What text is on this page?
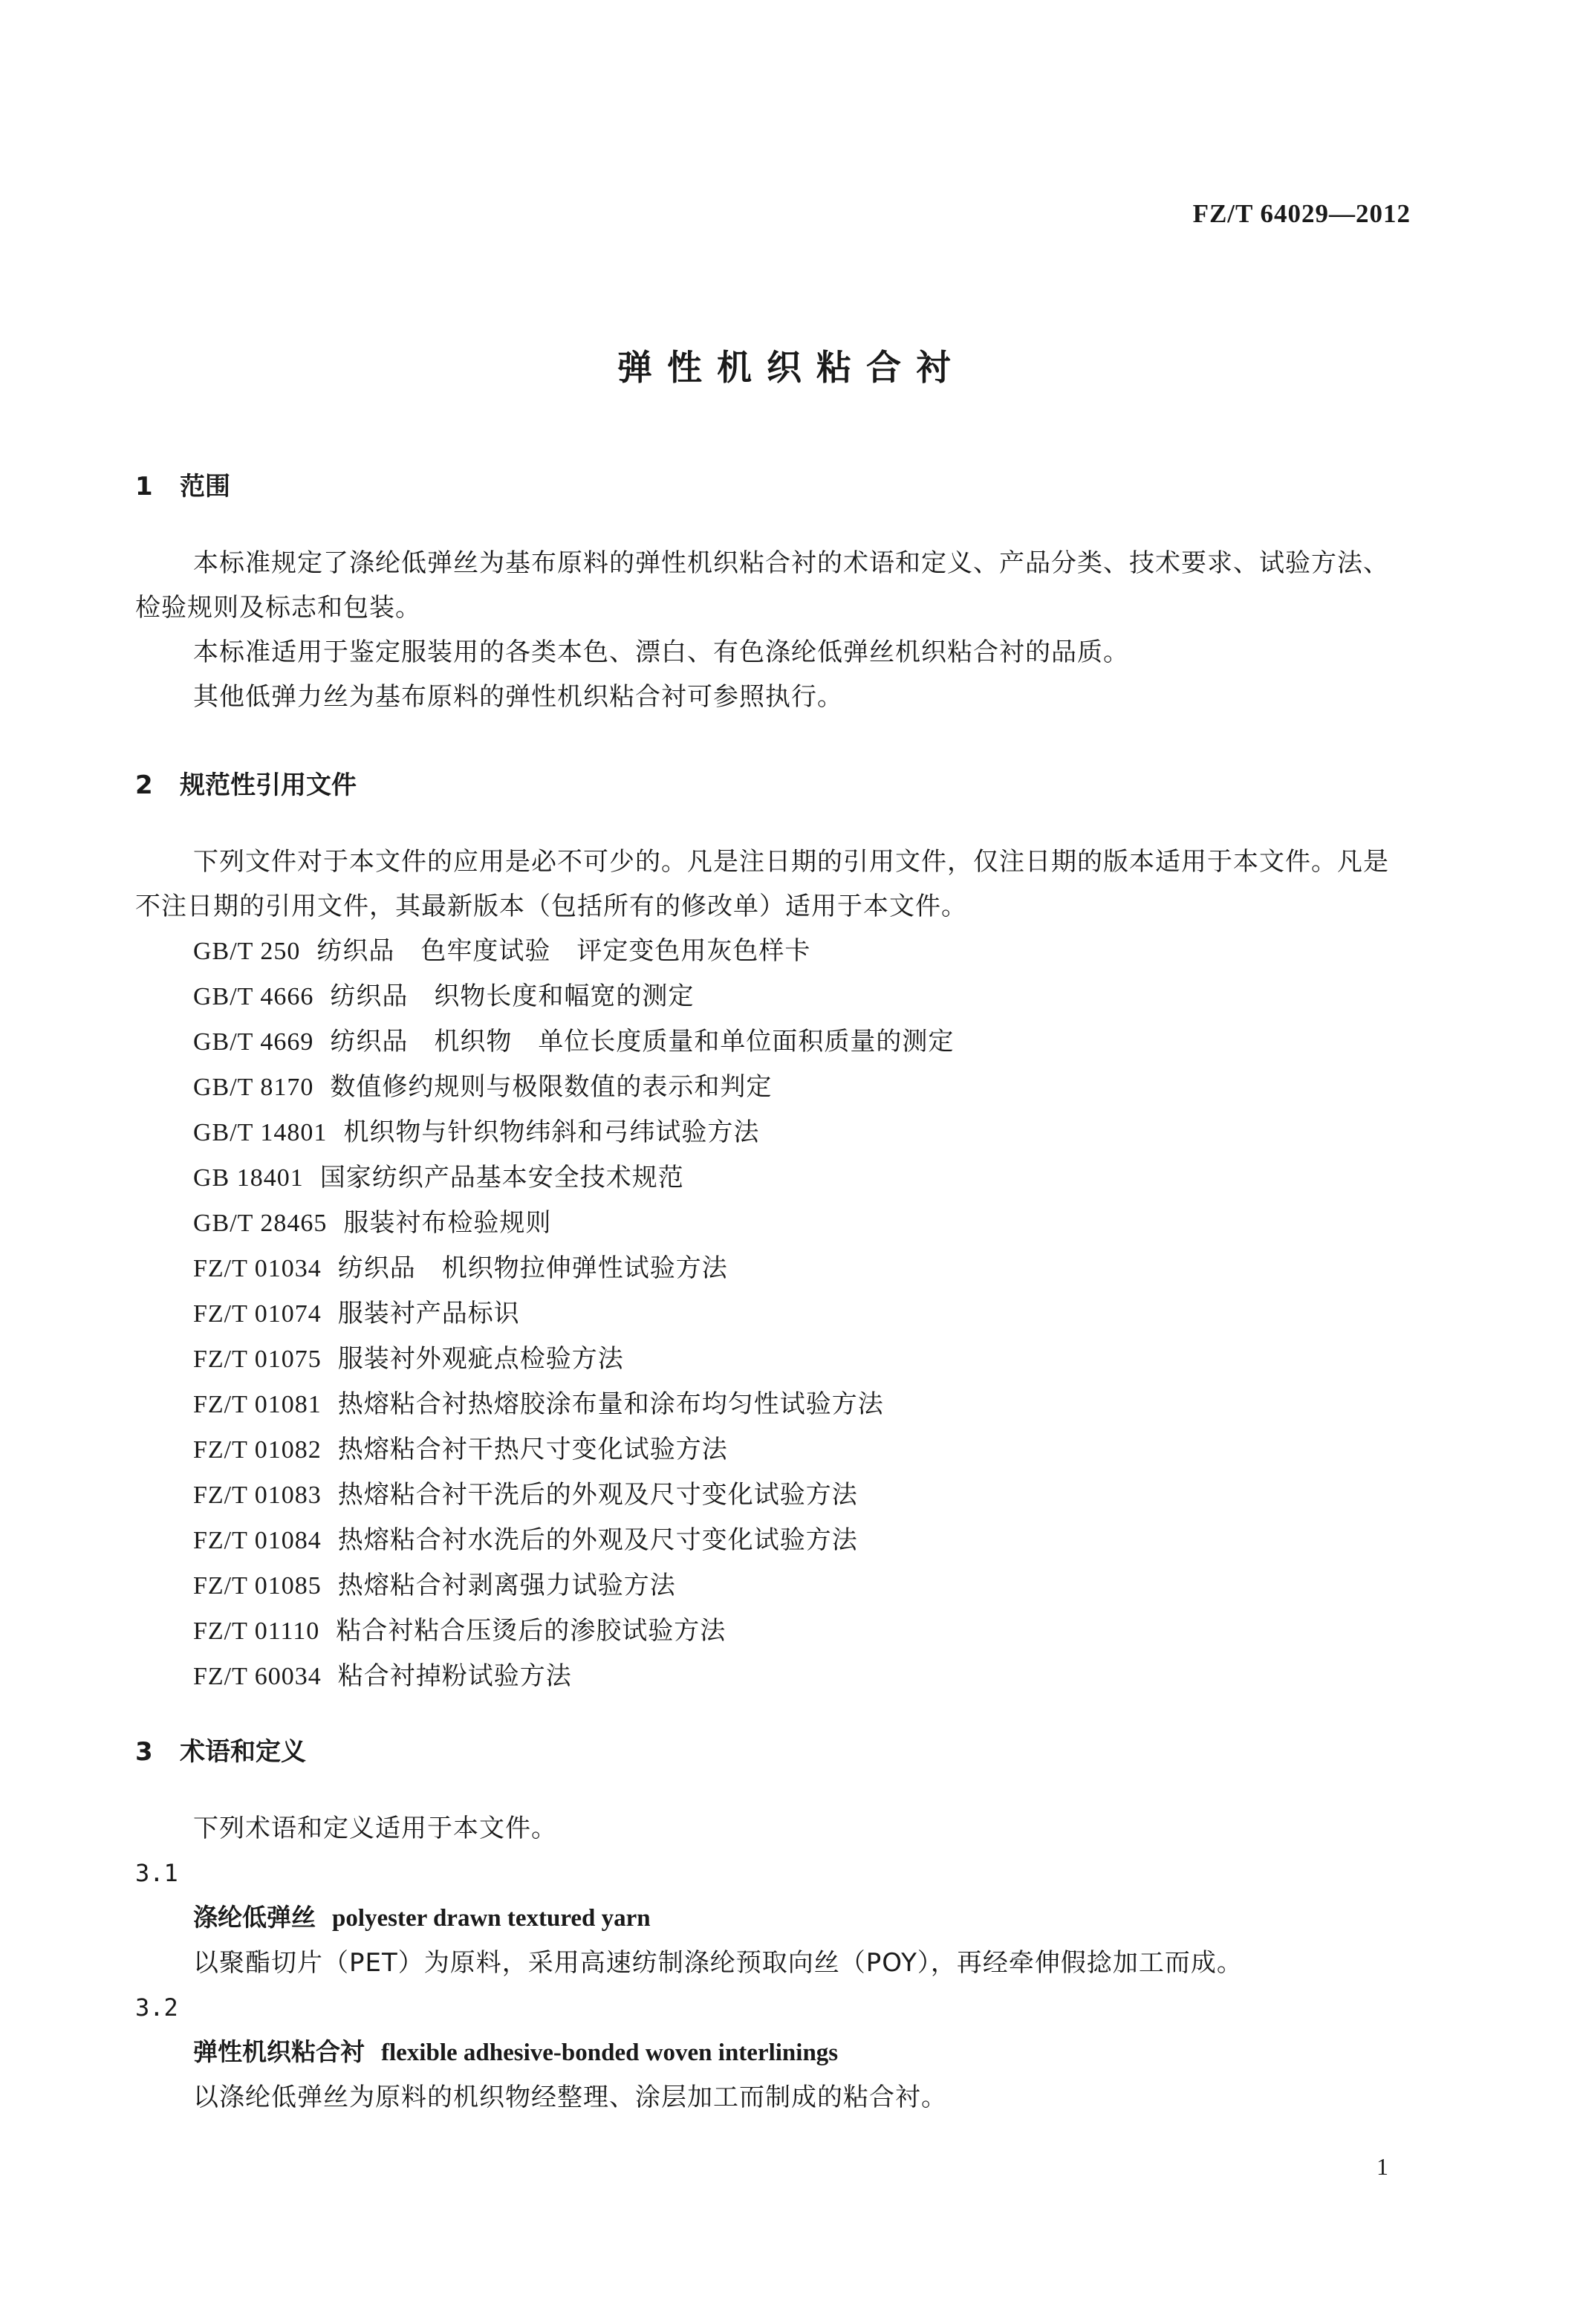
FZ/T 64029—2012
弹性机织粘合衬
1 范围
本标准规定了涤纶低弹丝为基布原料的弹性机织粘合衬的术语和定义、产品分类、技术要求、试验方法、检验规则及标志和包装。
本标准适用于鉴定服装用的各类本色、漂白、有色涤纶低弹丝机织粘合衬的品质。
其他低弹力丝为基布原料的弹性机织粘合衬可参照执行。
2 规范性引用文件
下列文件对于本文件的应用是必不可少的。凡是注日期的引用文件，仅注日期的版本适用于本文件。凡是不注日期的引用文件，其最新版本（包括所有的修改单）适用于本文件。
GB/T 250 纺织品　色牢度试验　评定变色用灰色样卡
GB/T 4666 纺织品　织物长度和幅宽的测定
GB/T 4669 纺织品　机织物　单位长度质量和单位面积质量的测定
GB/T 8170 数值修约规则与极限数值的表示和判定
GB/T 14801 机织物与针织物纬斜和弓纬试验方法
GB 18401 国家纺织产品基本安全技术规范
GB/T 28465 服装衬布检验规则
FZ/T 01034 纺织品　机织物拉伸弹性试验方法
FZ/T 01074 服装衬产品标识
FZ/T 01075 服装衬外观疵点检验方法
FZ/T 01081 热熔粘合衬热熔胶涂布量和涂布均匀性试验方法
FZ/T 01082 热熔粘合衬干热尺寸变化试验方法
FZ/T 01083 热熔粘合衬干洗后的外观及尺寸变化试验方法
FZ/T 01084 热熔粘合衬水洗后的外观及尺寸变化试验方法
FZ/T 01085 热熔粘合衬剥离强力试验方法
FZ/T 01110 粘合衬粘合压烫后的渗胶试验方法
FZ/T 60034 粘合衬掉粉试验方法
3 术语和定义
下列术语和定义适用于本文件。
3.1
涤纶低弹丝 polyester drawn textured yarn
以聚酯切片（PET）为原料，采用高速纺制涤纶预取向丝（POY），再经牵伸假捻加工而成。
3.2
弹性机织粘合衬 flexible adhesive-bonded woven interlinings
以涤纶低弹丝为原料的机织物经整理、涂层加工而制成的粘合衬。
1
